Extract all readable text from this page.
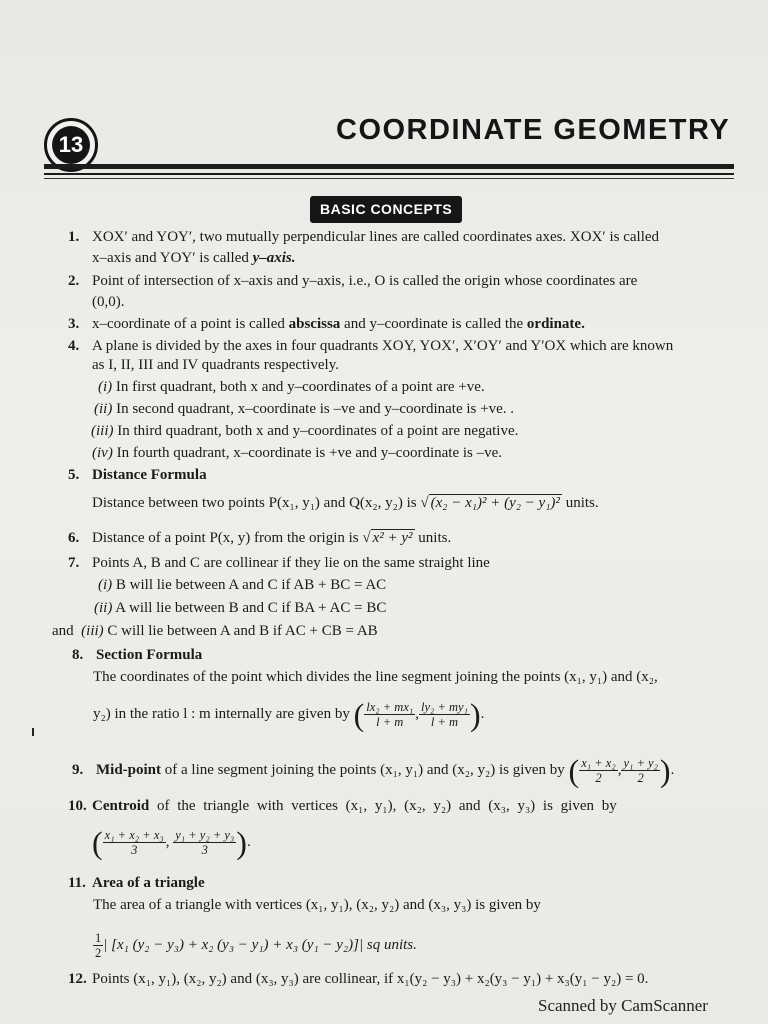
13	COORDINATE GEOMETRY
BASIC CONCEPTS
1. XOX′ and YOY′, two mutually perpendicular lines are called coordinates axes. XOX′ is called
x–axis and YOY′ is called y–axis.
2. Point of intersection of x–axis and y–axis, i.e., O is called the origin whose coordinates are
(0,0).
3. x–coordinate of a point is called abscissa and y–coordinate is called the ordinate.
4. A plane is divided by the axes in four quadrants XOY, YOX′, X′OY′ and Y′OX which are known
as I, II, III and IV quadrants respectively.
(i) In first quadrant, both x and y–coordinates of a point are +ve.
(ii) In second quadrant, x–coordinate is –ve and y–coordinate is +ve. .
(iii) In third quadrant, both x and y–coordinates of a point are negative.
(iv) In fourth quadrant, x–coordinate is +ve and y–coordinate is –ve.
5. Distance Formula
Distance between two points P(x₁, y₁) and Q(x₂, y₂) is √ (x₂ − x₁)² + (y₂ − y₁)² units.
6. Distance of a point P(x, y) from the origin is √ x² + y² units.
7. Points A, B and C are collinear if they lie on the same straight line
(i) B will lie between A and C if AB + BC = AC
(ii) A will lie between B and C if BA + AC = BC
and (iii) C will lie between A and B if AC + CB = AB
8. Section Formula
The coordinates of the point which divides the line segment joining the points (x₁, y₁) and (x₂,
y₂) in the ratio l : m internally are given by ( $\frac{\text{lx₂ + mx₁}}{l + m}$ , $\frac{\text{ly₂ + my₁}}{l + m}$ ).
9. Mid-point of a line segment joining the points (x₁, y₁) and (x₂, y₂) is given by ( $\frac{\text{x₁ + x₂}}{2}$ , $\frac{\text{y₁ + y₂}}{2}$ ).
10. Centroid of the triangle with vertices (x₁, y₁), (x₂, y₂) and (x₃, y₃) is given by
( $\frac{\text{x₁ + x₂ + x₃}}{3}$ , $\frac{\text{y₁ + y₂ + y₃}}{3}$ ).
11. Area of a triangle
The area of a triangle with vertices (x₁, y₁), (x₂, y₂) and (x₃, y₃) is given by
$\frac{1}{2}$ | [x₁ (y₂ − y₃) + x₂ (y₃ − y₁) + x₃ (y₁ − y₂)]| sq units.
12. Points (x₁, y₁), (x₂, y₂) and (x₃, y₃) are collinear, if x₁(y₂ − y₃) + x₂(y₃ − y₁) + x₃(y₁ − y₂) = 0.
Scanned by CamScanner
